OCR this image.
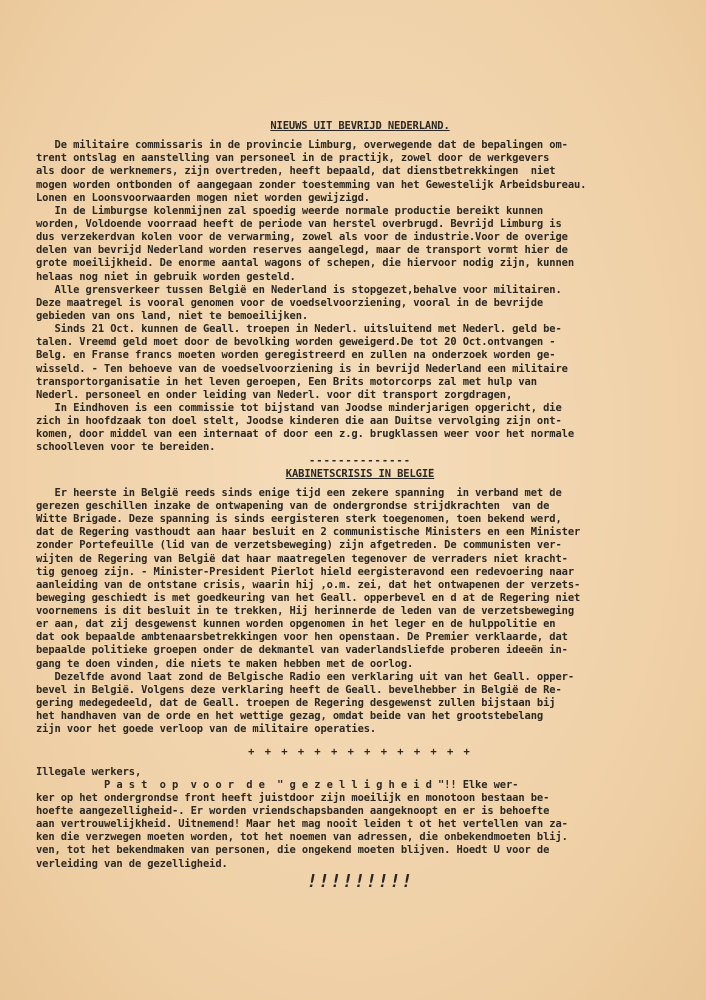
NIEUWS UIT BEVRIJD NEDERLAND.
De militaire commissaris in de provincie Limburg, overwegende dat de bepalingen om-
trent ontslag en aanstelling van personeel in de practijk, zowel door de werkgevers
als door de werknemers, zijn overtreden, heeft bepaald, dat dienstbetrekkingen  niet
mogen worden ontbonden of aangegaan zonder toestemming van het Gewestelijk Arbeidsbureau.
Lonen en Loonsvoorwaarden mogen niet worden gewijzigd.
In de Limburgse kolenmijnen zal spoedig weerde normale productie bereikt kunnen
worden, Voldoende voorraad heeft de periode van herstel overbrugd. Bevrijd Limburg is
dus verzekerdvan kolen voor de verwarming, zowel als voor de industrie.Voor de overige
delen van bevrijd Nederland worden reserves aangelegd, maar de transport vormt hier de
grote moeilijkheid. De enorme aantal wagons of schepen, die hiervoor nodig zijn, kunnen
helaas nog niet in gebruik worden gesteld.
Alle grensverkeer tussen België en Nederland is stopgezet,behalve voor militairen.
Deze maatregel is vooral genomen voor de voedselvoorziening, vooral in de bevrijde
gebieden van ons land, niet te bemoeilijken.
Sinds 21 Oct. kunnen de Geall. troepen in Nederl. uitsluitend met Nederl. geld be-
talen. Vreemd geld moet door de bevolking worden geweigerd.De tot 20 Oct.ontvangen -
Belg. en Franse francs moeten worden geregistreerd en zullen na onderzoek worden ge-
wisseld. - Ten behoeve van de voedselvoorziening is in bevrijd Nederland een militaire
transportorganisatie in het leven geroepen, Een Brits motorcorps zal met hulp van
Nederl. personeel en onder leiding van Nederl. voor dit transport zorgdragen,
In Eindhoven is een commissie tot bijstand van Joodse minderjarigen opgericht, die
zich in hoofdzaak ton doel stelt, Joodse kinderen die aan Duitse vervolging zijn ont-
komen, door middel van een internaat of door een z.g. brugklassen weer voor het normale
schoolleven voor te bereiden.
--------------
KABINETSCRISIS IN BELGIË
Er heerste in België reeds sinds enige tijd een zekere spanning  in verband met de
gerezen geschillen inzake de ontwapening van de ondergrondse strijdkrachten  van de
Witte Brigade. Deze spanning is sinds eergisteren sterk toegenomen, toen bekend werd,
dat de Regering vasthoudt aan haar besluit en 2 communistische Ministers en een Minister
zonder Portefeuille (lid van de verzetsbeweging) zijn afgetreden. De communisten ver-
wijten de Regering van België dat haar maatregelen tegenover de verraders niet kracht-
tig genoeg zijn. - Minister-President Pierlot hield eergisteravond een redevoering naar
aanleiding van de ontstane crisis, waarin hij ,o.m. zei, dat het ontwapenen der verzets-
beweging geschiedt is met goedkeuring van het Geall. opperbevel en d at de Regering niet
voornemens is dit besluit in te trekken, Hij herinnerde de leden van de verzetsbeweging
er aan, dat zij desgewenst kunnen worden opgenomen in het leger en de hulppolitie en
dat ook bepaalde ambtenaarsbetrekkingen voor hen openstaan. De Premier verklaarde, dat
bepaalde politieke groepen onder de dekmantel van vaderlandsliefde proberen ideeën in-
gang te doen vinden, die niets te maken hebben met de oorlog.
Dezelfde avond laat zond de Belgische Radio een verklaring uit van het Geall. opper-
bevel in België. Volgens deze verklaring heeft de Geall. bevelhebber in België de Re-
gering medegedeeld, dat de Geall. troepen de Regering desgewenst zullen bijstaan bij
het handhaven van de orde en het wettige gezag, omdat beide van het grootstebelang
zijn voor het goede verloop van de militaire operaties.
+ + + + + + + + + + + + + +
Illegale werkers,
P a s t  o p  v o o r  d e  " g e z e l l i g h e i d "!! Elke wer-
ker op het ondergrondse front heeft juistdoor zijn moeilijk en monotoon bestaan be-
hoefte aangezelligheid-. Er worden vriendschapsbanden aangeknoopt en er is behoefte
aan vertrouwelijkheid. Uitnemend! Maar het mag nooit leiden t ot het vertellen van za-
ken die verzwegen moeten worden, tot het noemen van adressen, die onbekendmoeten blij.
ven, tot het bekendmaken van personen, die ongekend moeten blijven. Hoedt U voor de
verleiding van de gezelligheid.
!!!!!!!!!
